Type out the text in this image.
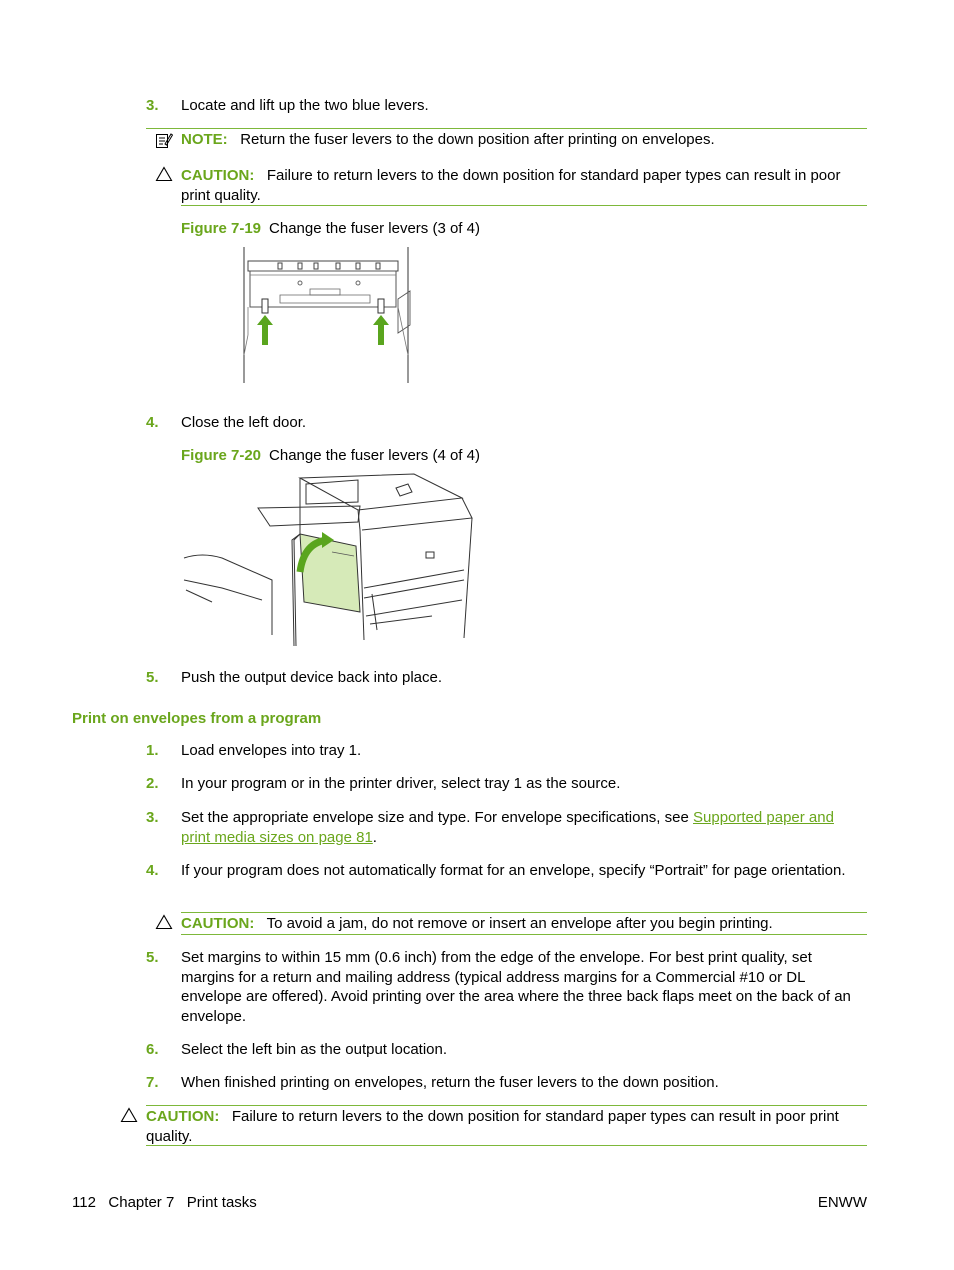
3. Locate and lift up the two blue levers.
NOTE: Return the fuser levers to the down position after printing on envelopes.
CAUTION: Failure to return levers to the down position for standard paper types can result in poor print quality.
Figure 7-19 Change the fuser levers (3 of 4)
4. Close the left door.
Figure 7-20 Change the fuser levers (4 of 4)
5. Push the output device back into place.
Print on envelopes from a program
1. Load envelopes into tray 1.
2. In your program or in the printer driver, select tray 1 as the source.
3. Set the appropriate envelope size and type. For envelope specifications, see Supported paper and print media sizes on page 81.
4. If your program does not automatically format for an envelope, specify “Portrait” for page orientation.
CAUTION: To avoid a jam, do not remove or insert an envelope after you begin printing.
5. Set margins to within 15 mm (0.6 inch) from the edge of the envelope. For best print quality, set margins for a return and mailing address (typical address margins for a Commercial #10 or DL envelope are offered). Avoid printing over the area where the three back flaps meet on the back of an envelope.
6. Select the left bin as the output location.
7. When finished printing on envelopes, return the fuser levers to the down position.
CAUTION: Failure to return levers to the down position for standard paper types can result in poor print quality.
112   Chapter 7   Print tasks	ENWW
